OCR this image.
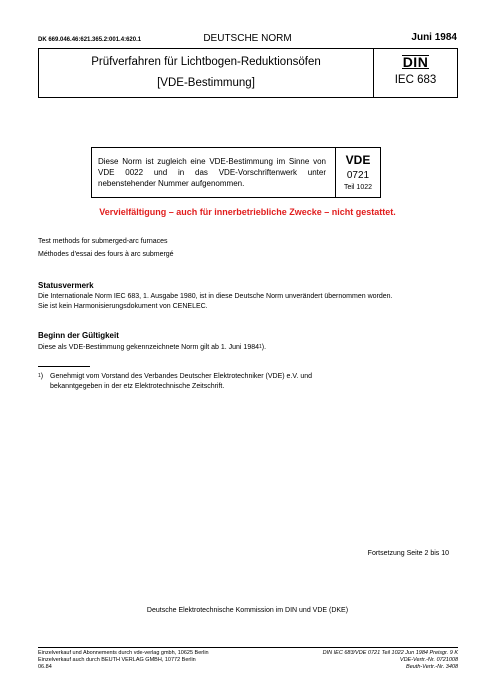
DK 669.046.46:621.365.2:001.4:620.1	DEUTSCHE NORM	Juni 1984
Prüfverfahren für Lichtbogen-Reduktionsöfen
[VDE-Bestimmung]
DIN
IEC 683
Diese Norm ist zugleich eine VDE-Bestimmung im Sinne von VDE 0022 und in das VDE-Vorschriftenwerk unter nebenstehender Nummer aufgenommen.
VDE
0721
Teil 1022
Vervielfältigung – auch für innerbetriebliche Zwecke – nicht gestattet.
Test methods for submerged-arc furnaces
Méthodes d'essai des fours à arc submergé
Statusvermerk
Die Internationale Norm IEC 683, 1. Ausgabe 1980, ist in diese Deutsche Norm unverändert übernommen worden.
Sie ist kein Harmonisierungsdokument von CENELEC.
Beginn der Gültigkeit
Diese als VDE-Bestimmung gekennzeichnete Norm gilt ab 1. Juni 1984$^1$).
$^1$) Genehmigt vom Vorstand des Verbandes Deutscher Elektrotechniker (VDE) e.V. und
bekanntgegeben in der etz Elektrotechnische Zeitschrift.
Fortsetzung Seite 2 bis 10
Deutsche Elektrotechnische Kommission im DIN und VDE (DKE)
Einzelverkauf und Abonnements durch vde-verlag gmbh, 10625 Berlin
Einzelverkauf auch durch BEUTH VERLAG GMBH, 10772 Berlin
06.84
DIN IEC 683/VDE 0721 Teil 1022 Jun 1984 Preisgr. 9 K
VDE-Vertr.-Nr. 0721008
Beuth-Vertr.-Nr. 3408
